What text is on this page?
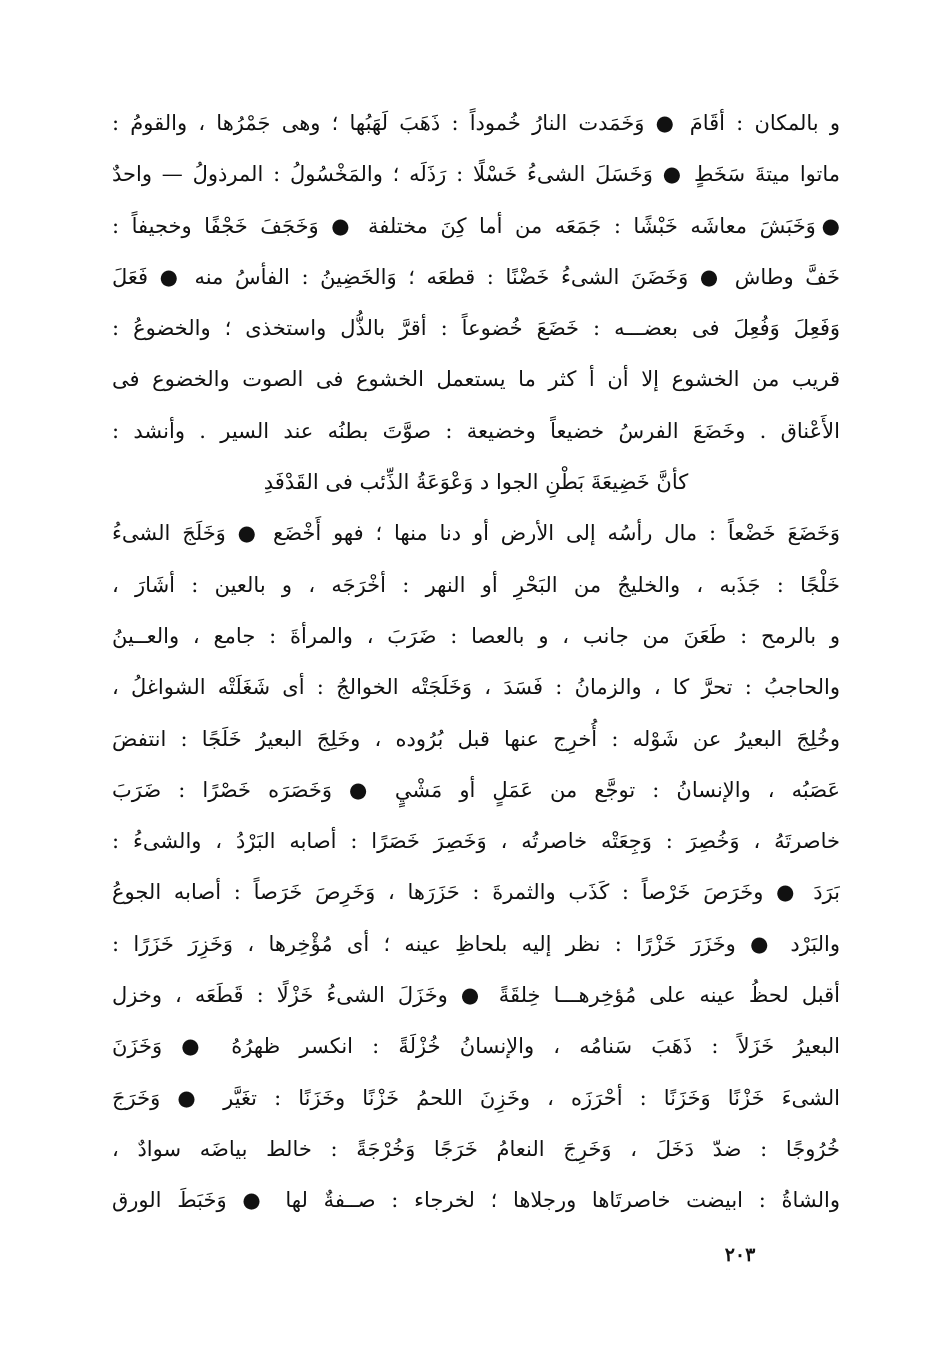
و بالمكان : أقَامَ ● وَخَمَدت النارُ خُموداً : ذَهَبَ لَهَبُها ؛ وهى جَمْرُها ، والقومُ :
ماتوا ميتةَ سَخَطٍ ● وَخَسَلَ الشىءُ خَسْلًا : رَذَلَه ؛ والمَخْسُولُ : المرذولُ — واحدٌ
●وَخَبَشَ معاشَه خَبْشًا : جَمَعَه من أما كِنَ مختلفة ● وَخَجَفَ خَجْفًا وخجيفاً :
خَفَّ وطاش ● وَخَضَنَ الشىءُ خَضْنًا : قطعَه ؛ وَالخَضِينُ : الفأسُ منه ● فَعَلَ
وَفَعِلَ وَفُعِلَ فى بعضـــه : خَضَعَ خُضوعاً : أقرَّ بالذُّل واستخذى ؛ والخضوعُ :
قريب من الخشوع إلا أن أ كثر ما يستعمل الخشوع فى الصوت والخضوع فى
الأَعْناق . وخَضَعَ الفرسُ خضيعاً وخضيعة : صوَّتَ بطنُه عند السير . وأنشد :
كأنَّ خَضِيعَةَ بَطْنِ الجوا د وَعْوَعَةُ الذِّئب فى القَدْفَدِ
وَخَضَعَ خَضْعاً : مال رأسُه إلى الأرض أو دنا منها ؛ فهو أَخْضَع ● وَخَلَجَ الشىءُ
خَلْجًا : جَذَبه ، والخليجُ من البَحْرِ أو النهر : أخْرَجَه ، و بالعين : أشَارَ ،
و بالرمح : طَعَنَ من جانب ، و بالعصا : ضَرَبَ ، والمرأةَ : جامع ، والعــينُ
والحاجبُ : تحرَّ كا ، والزمانُ : فَسَدَ ، وَخَلَجَتْه الخوالجُ : أى شَغَلَتْه الشواغلُ ،
وخُلِجَ البعيرُ عن شَوْله : أُخرِج عنها قبل بُرُوده ، وخَلِجَ البعيرُ خَلَجًا : انتفضَ
عَصَبُه ، والإنسانُ : توجَّع من عَمَلٍ أو مَشْيٍ ● وَخَصَرَه خَصْرًا : ضَرَبَ
خاصرتَهُ ، وَخُصِرَ : وَجِعَتْه خاصرتُه ، وَخَصِرَ خَصَرًا : أصابه البَرْدُ ، والشىءُ :
بَرَدَ ● وخَرَصَ خَرْصاً : كَذَب والثمرةَ : حَزَرَها ، وَخَرِصَ خَرَصاً : أصابه الجوعُ
والبَرْد ● وخَزَرَ خَزْرًا : نظر إليه بلحاظِ عينه ؛ أى مُؤْخِرها ، وَخَزِرَ خَزَرًا :
أقبل لحظُ عينه على مُؤخِرهـــا خِلقَةً ● وخَزَلَ الشىءُ خَزْلًا : قَطَعَه ، وخزل
البعيرُ خَزَلاً : ذَهَبَ سَنامُه ، والإنسانُ خُزْلَةً : انكسر ظهرُهُ ● وَخَزَنَ
الشىءَ خَزْنًا وَخَزَنًا : أحْرَزَه ، وخَزِنَ اللحمُ خَزْنًا وخَزَنًا : تغَيَّر ● وَخَرَجَ
خُرُوجًا : ضدّ دَخَلَ ، وَخَرِجَ النعامُ خَرَجًا وَخُرْجَةً : خالط بياضَه سوادٌ ،
والشاةُ : ابيضت خاصرتَاها ورجلاها ؛ لخرجاء : صــفةٌ لها ● وَخَبَطَ الورق
٢٠٣
